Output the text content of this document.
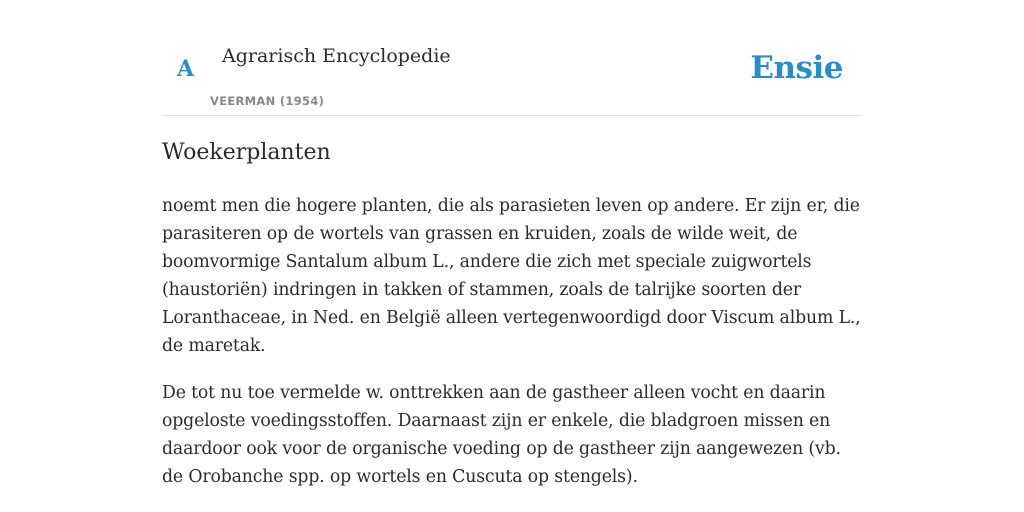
A Agrarisch Encyclopedie
VEERMAN (1954)
Ensie
Woekerplanten

noemt men die hogere planten, die als parasieten leven op andere. Er zijn er, die parasiteren op de wortels van grassen en kruiden, zoals de wilde weit, de boomvormige Santalum album L., andere die zich met speciale zuigwortels (haustoriën) indringen in takken of stammen, zoals de talrijke soorten der Loranthaceae, in Ned. en België alleen vertegenwoordigd door Viscum album L., de maretak.

De tot nu toe vermelde w. onttrekken aan de gastheer alleen vocht en daarin opgeloste voedingsstoffen. Daarnaast zijn er enkele, die bladgroen missen en daardoor ook voor de organische voeding op de gastheer zijn aangewezen (vb. de Orobanche spp. op wortels en Cuscuta op stengels).
